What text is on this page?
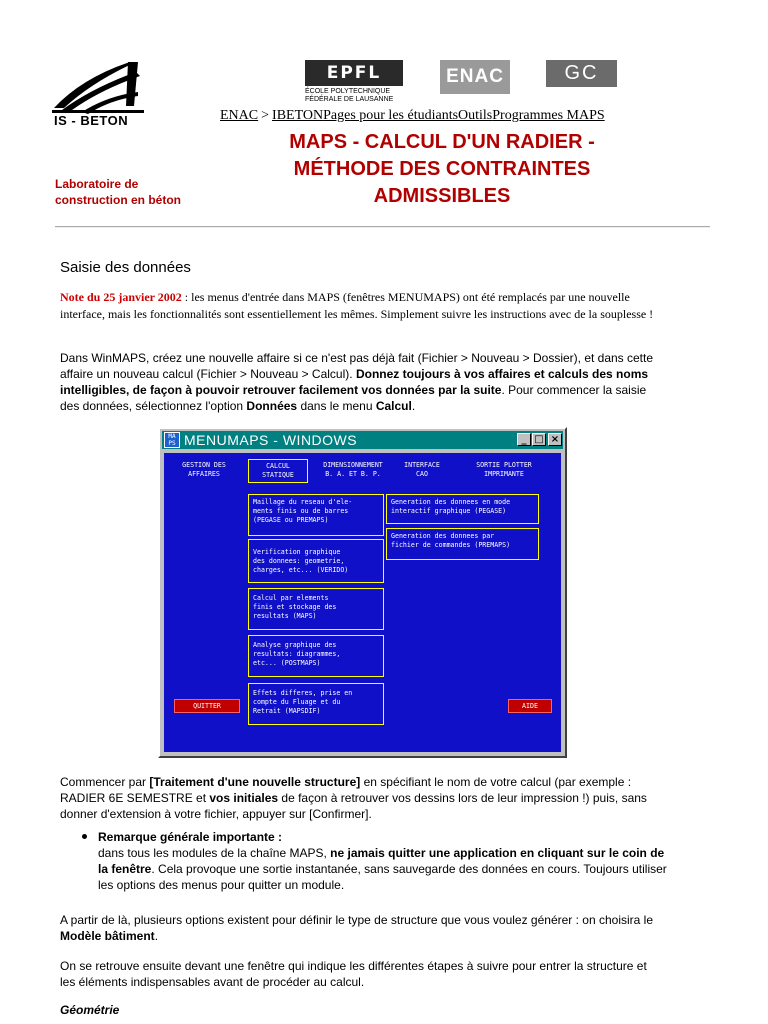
IS - BETON
Laboratoire de
construction en béton
EPFL
ÉCOLE POLYTECHNIQUE
FÉDÉRALE DE LAUSANNE
ENAC	GC
ENAC > IBETONPages pour les étudiantsOutilsProgrammes MAPS
MAPS - CALCUL D'UN RADIER -
MÉTHODE DES CONTRAINTES
ADMISSIBLES
Saisie des données
Note du 25 janvier 2002 : les menus d'entrée dans MAPS (fenêtres MENUMAPS) ont été remplacés par une nouvelle interface, mais les fonctionnalités sont essentiellement les mêmes. Simplement suivre les instructions avec de la souplesse !
Dans WinMAPS, créez une nouvelle affaire si ce n'est pas déjà fait (Fichier > Nouveau > Dossier), et dans cette affaire un nouveau calcul (Fichier > Nouveau > Calcul). Donnez toujours à vos affaires et calculs des noms intelligibles, de façon à pouvoir retrouver facilement vos données par la suite. Pour commencer la saisie des données, sélectionnez l'option Données dans le menu Calcul.
MA
PS MENUMAPS - WINDOWS	_ □ ×
GESTION DES
AFFAIRES
CALCUL
STATIQUE
DIMENSIONNEMENT
B. A. ET B. P.
INTERFACE
CAO
SORTIE PLOTTER
IMPRIMANTE
Maillage du reseau d'ele-
ments finis ou de barres
(PEGASE ou PREMAPS)
Verification graphique
des donnees: geometrie,
charges, etc... (VERIDO)
Calcul par elements
finis et stockage des
resultats (MAPS)
Analyse graphique des
resultats: diagrammes,
etc... (POSTMAPS)
Effets differes, prise en
compte du Fluage et du
Retrait (MAPSDIF)
Generation des donnees en mode
interactif graphique (PEGASE)
Generation des donnees par
fichier de commandes (PREMAPS)
QUITTER	AIDE
Commencer par [Traitement d'une nouvelle structure] en spécifiant le nom de votre calcul (par exemple : RADIER 6E SEMESTRE et vos initiales de façon à retrouver vos dessins lors de leur impression !) puis, sans donner d'extension à votre fichier, appuyer sur [Confirmer].
Remarque générale importante :
dans tous les modules de la chaîne MAPS, ne jamais quitter une application en cliquant sur le coin de la fenêtre. Cela provoque une sortie instantanée, sans sauvegarde des données en cours. Toujours utiliser les options des menus pour quitter un module.
A partir de là, plusieurs options existent pour définir le type de structure que vous voulez générer : on choisira le Modèle bâtiment.
On se retrouve ensuite devant une fenêtre qui indique les différentes étapes à suivre pour entrer la structure et les éléments indispensables avant de procéder au calcul.
Géométrie
